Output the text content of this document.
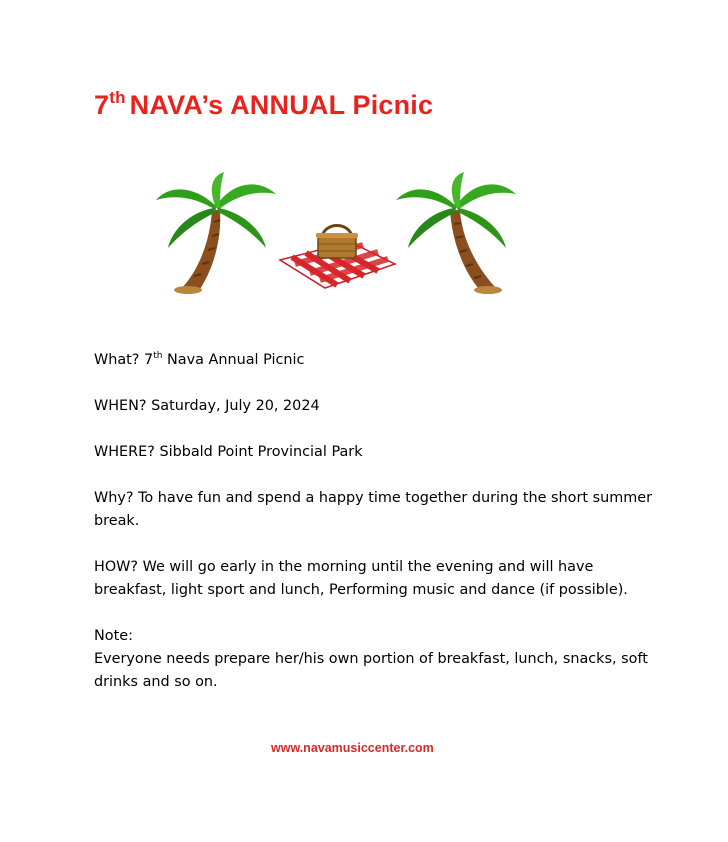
7th NAVA’s ANNUAL Picnic

What? 7th Nava Annual Picnic

WHEN? Saturday, July 20, 2024

WHERE? Sibbald Point Provincial Park

Why? To have fun and spend a happy time together during the short summer break.

HOW? We will go early in the morning until the evening and will have breakfast, light sport and lunch, Performing music and dance (if possible).

Note:
Everyone needs prepare her/his own portion of breakfast, lunch, snacks, soft drinks and so on.

www.navamusiccenter.com
